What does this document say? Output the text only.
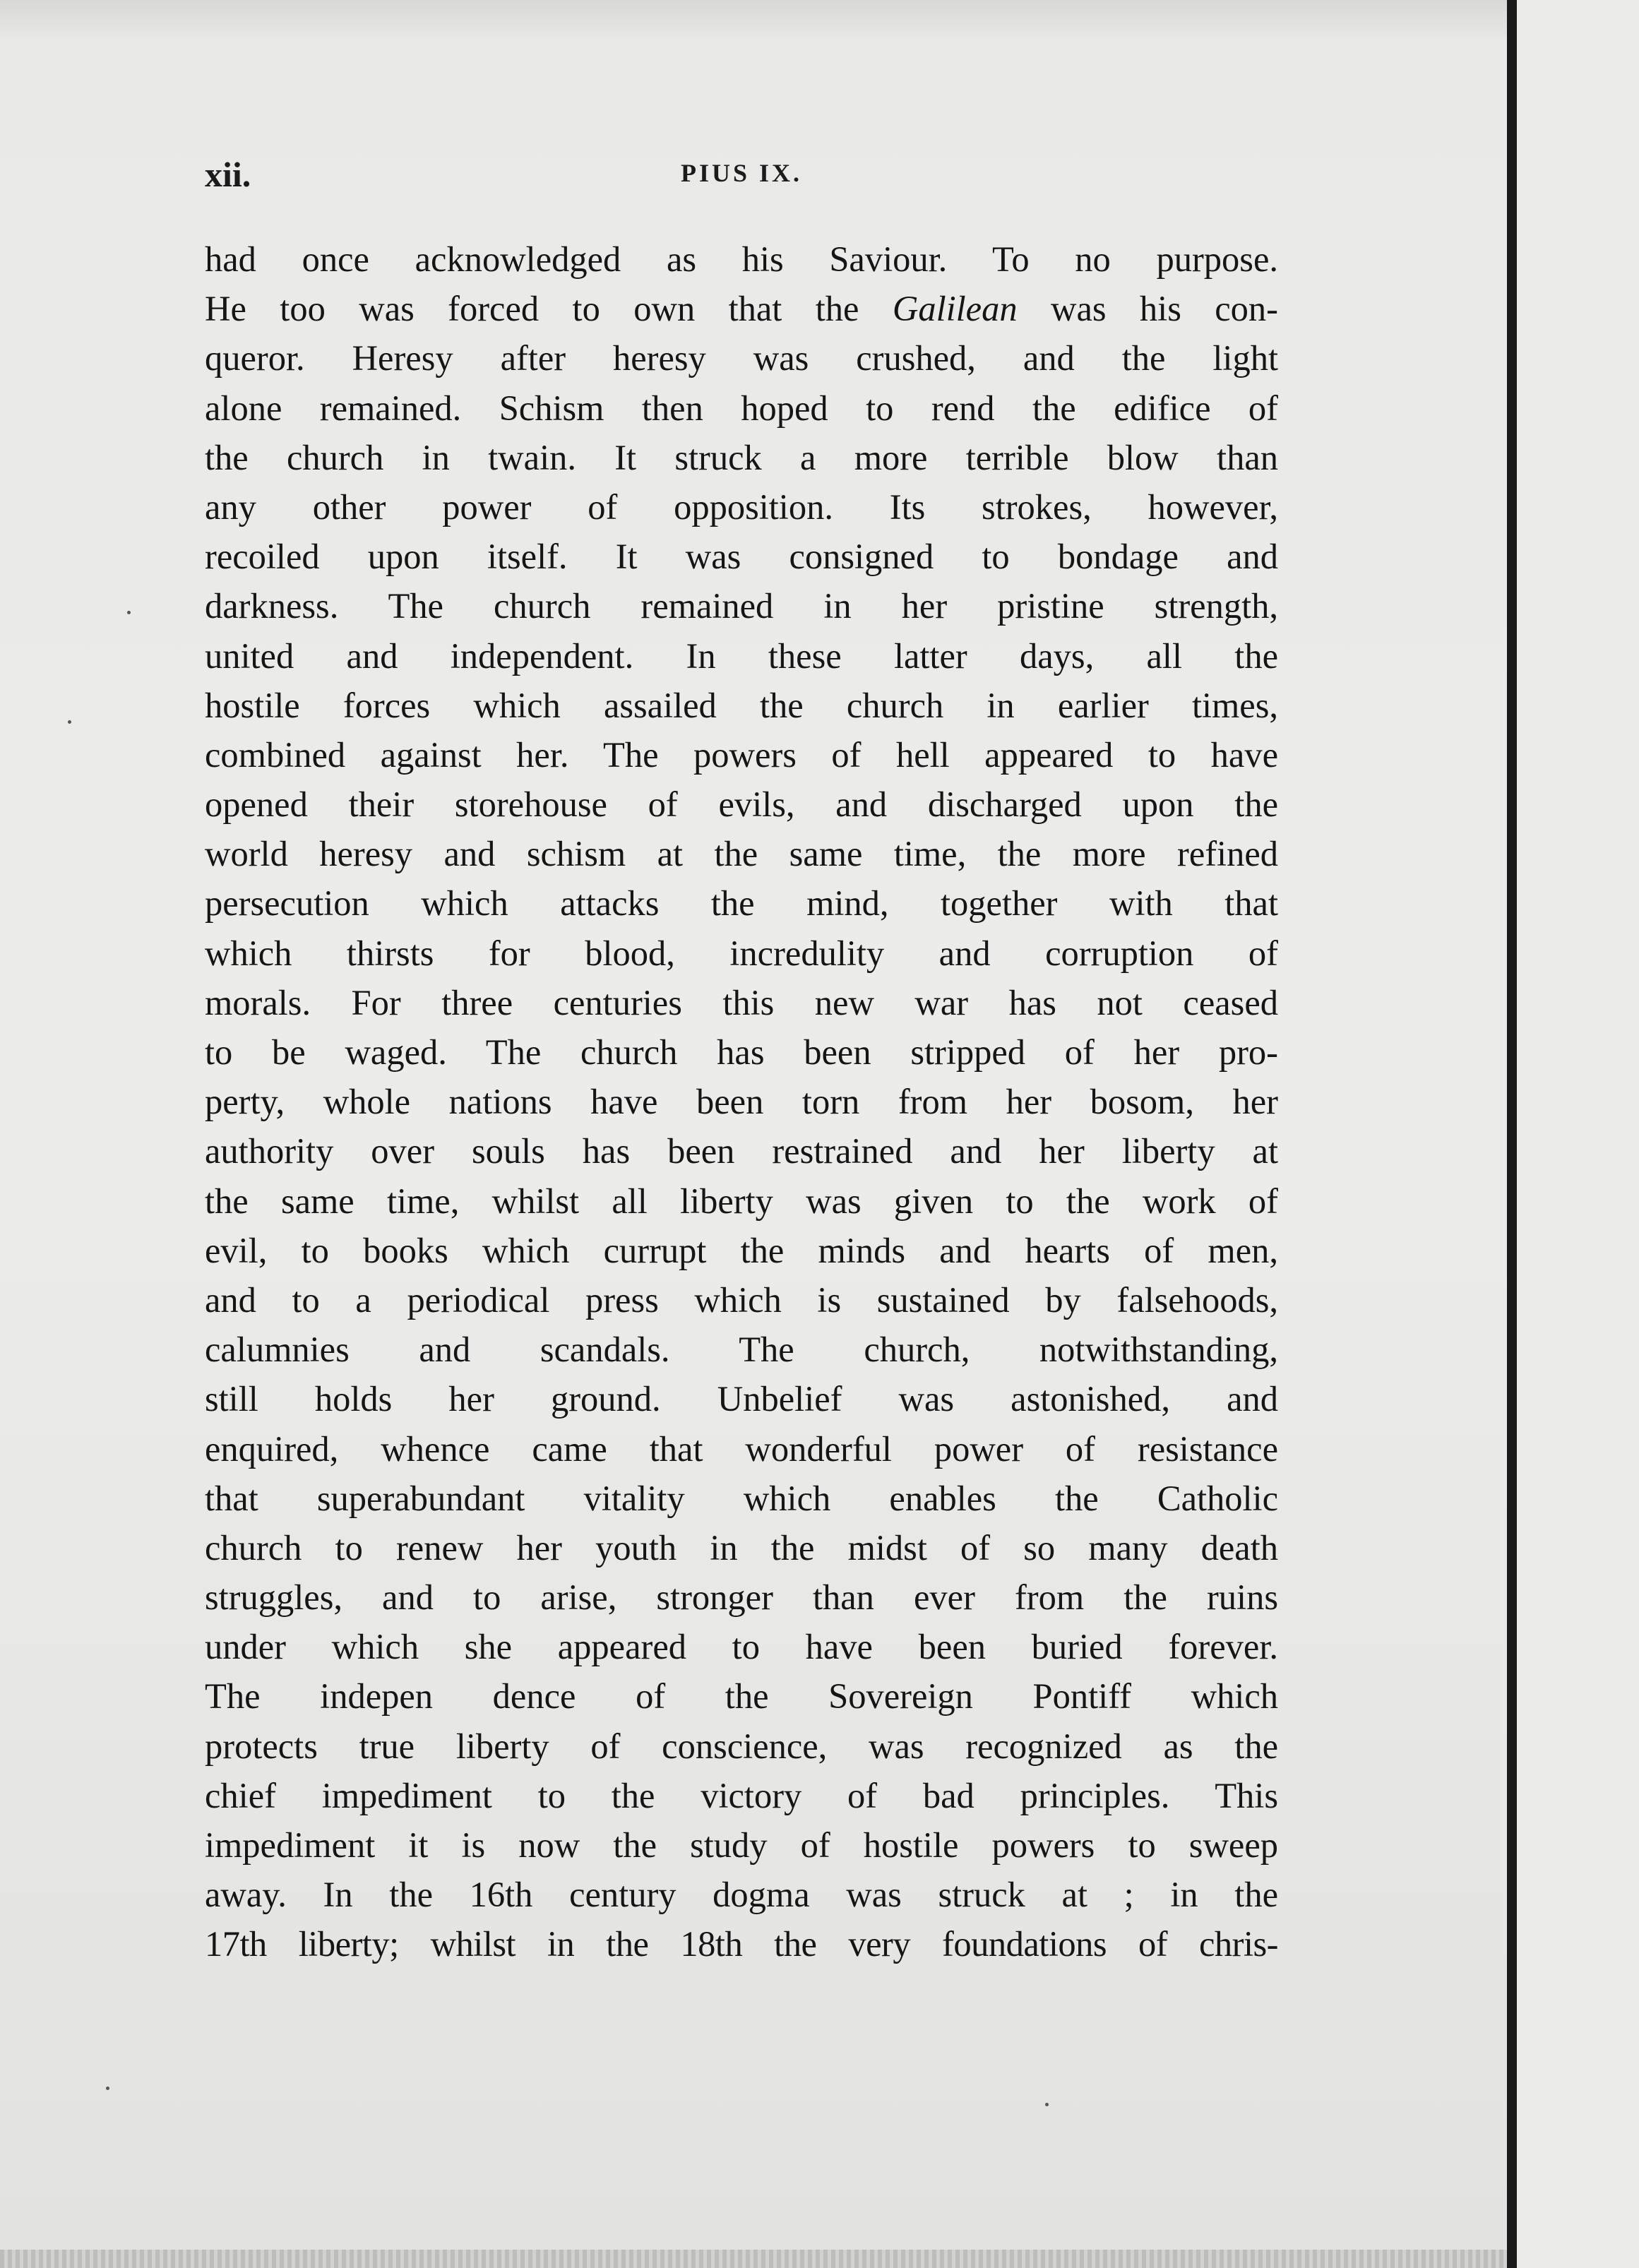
xii.	PIUS IX.
had once acknowledged as his Saviour. To no purpose.
He too was forced to own that the Galilean was his con-
queror. Heresy after heresy was crushed, and the light
alone remained. Schism then hoped to rend the edifice of
the church in twain. It struck a more terrible blow than
any other power of opposition. Its strokes, however,
recoiled upon itself. It was consigned to bondage and
darkness. The church remained in her pristine strength,
united and independent. In these latter days, all the
hostile forces which assailed the church in earlier times,
combined against her. The powers of hell appeared to have
opened their storehouse of evils, and discharged upon the
world heresy and schism at the same time, the more refined
persecution which attacks the mind, together with that
which thirsts for blood, incredulity and corruption of
morals. For three centuries this new war has not ceased
to be waged. The church has been stripped of her pro-
perty, whole nations have been torn from her bosom, her
authority over souls has been restrained and her liberty at
the same time, whilst all liberty was given to the work of
evil, to books which currupt the minds and hearts of men,
and to a periodical press which is sustained by falsehoods,
calumnies and scandals. The church, notwithstanding,
still holds her ground. Unbelief was astonished, and
enquired, whence came that wonderful power of resistance
that superabundant vitality which enables the Catholic
church to renew her youth in the midst of so many death
struggles, and to arise, stronger than ever from the ruins
under which she appeared to have been buried forever.
The indepen dence of the Sovereign Pontiff which
protects true liberty of conscience, was recognized as the
chief impediment to the victory of bad principles. This
impediment it is now the study of hostile powers to sweep
away. In the 16th century dogma was struck at ; in the
17th liberty; whilst in the 18th the very foundations of chris-
